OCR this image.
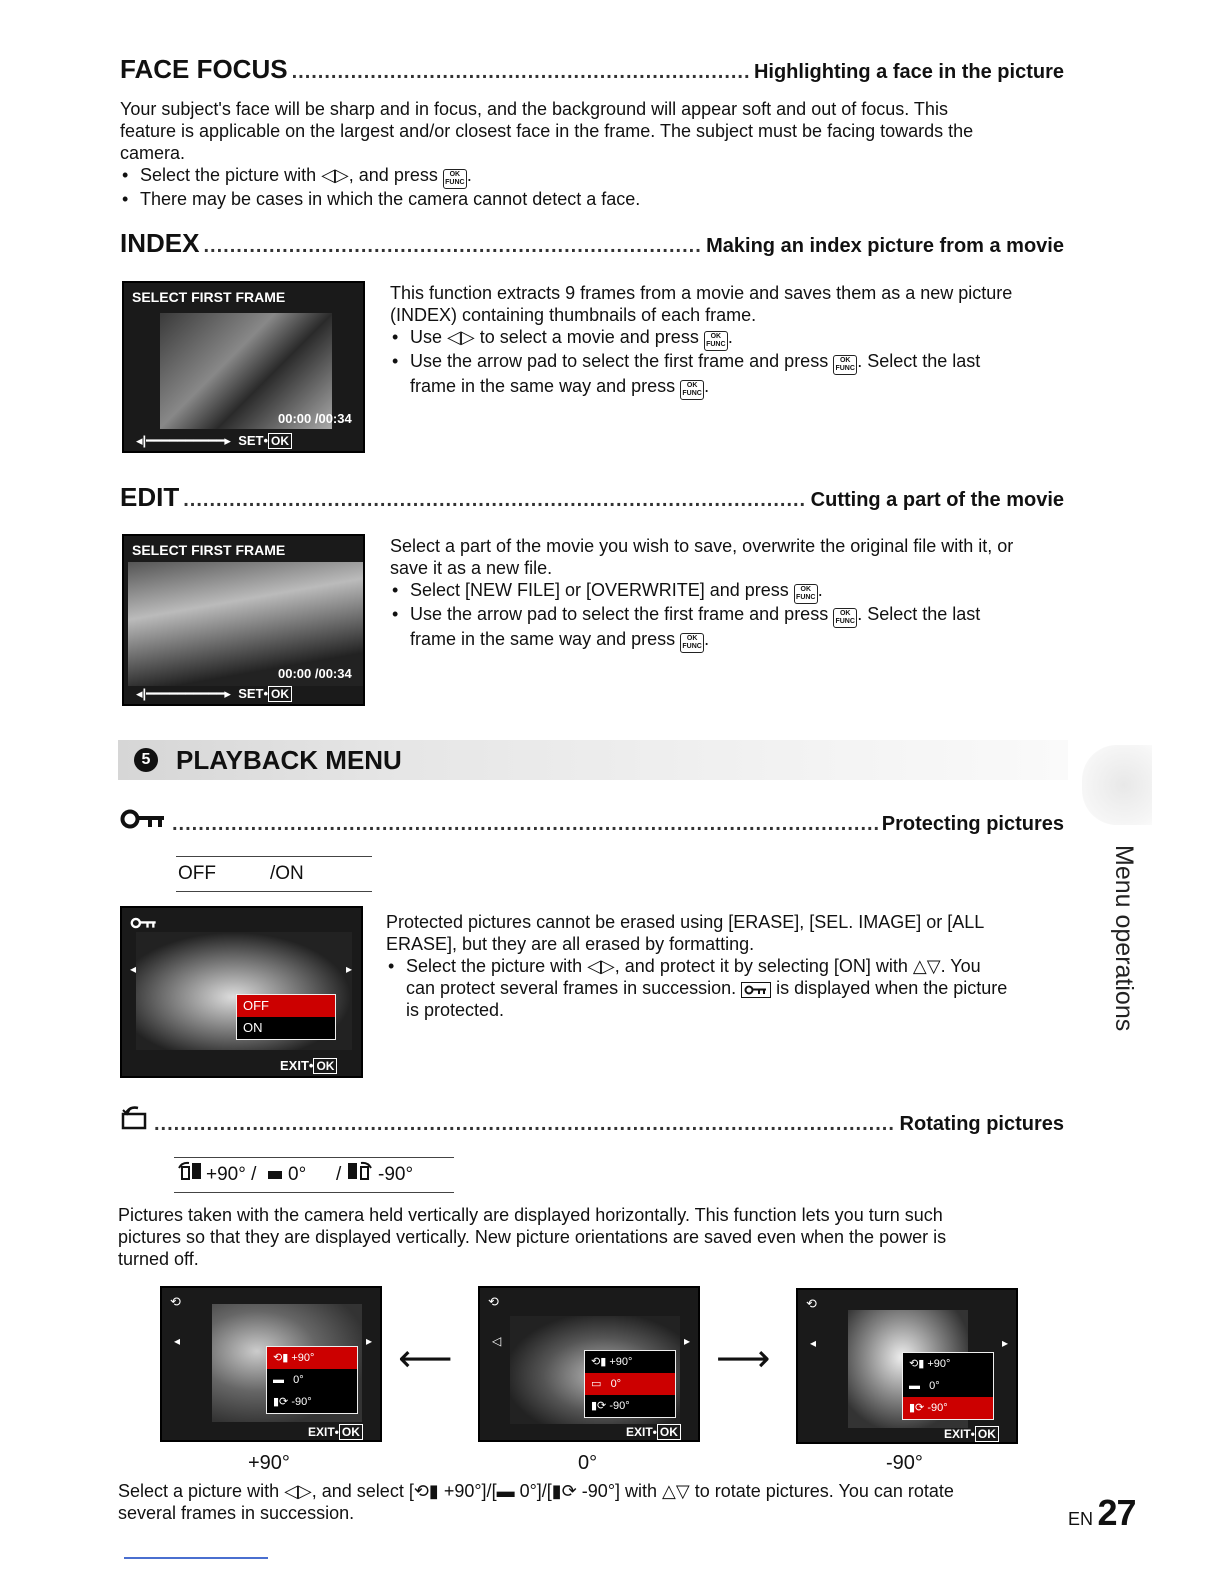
FACE FOCUS .....	Highlighting a face in the picture
Your subject's face will be sharp and in focus, and the background will appear soft and out of focus. This
feature is applicable on the largest and/or closest face in the frame. The subject must be facing towards the
camera.
• Select the picture with ◁▷, and press OK
FUNC .
• There may be cases in which the camera cannot detect a face.
INDEX .....	Making an index picture from a movie
SELECT FIRST FRAME
00:00 /00:34
◂|━━━━━━━━━━▸  SET• OK
This function extracts 9 frames from a movie and saves them as a new picture
(INDEX) containing thumbnails of each frame.
• Use ◁▷ to select a movie and press OK
FUNC .
• Use the arrow pad to select the first frame and press OK
FUNC . Select the last
frame in the same way and press OK
FUNC .
EDIT .....	Cutting a part of the movie
SELECT FIRST FRAME
00:00 /00:34
◂|━━━━━━━━━━▸  SET• OK
Select a part of the movie you wish to save, overwrite the original file with it, or
save it as a new file.
• Select [NEW FILE] or [OVERWRITE] and press OK
FUNC .
• Use the arrow pad to select the first frame and press OK
FUNC . Select the last
frame in the same way and press OK
FUNC .
5 PLAYBACK MENU
Menu operations
.....
Protecting pictures
OFF	/ON
◂	▸
OFF
ON
EXIT• OK
Protected pictures cannot be erased using [ERASE], [SEL. IMAGE] or [ALL
ERASE], but they are all erased by formatting.
• Select the picture with ◁▷, and protect it by selecting [ON] with △▽. You
can protect several frames in succession.  is displayed when the picture
is protected.
.....
Rotating pictures
+90° / 0° / -90°
Pictures taken with the camera held vertically are displayed horizontally. This function lets you turn such
pictures so that they are displayed vertically. New picture orientations are saved even when the power is
turned off.
⟲
◂	▸
⟲▮ +90°
▬   0°
▮⟳ -90°
EXIT• OK
⟵
⟲
◁	▸
⟲▮ +90°
▭   0°
▮⟳ -90°
EXIT• OK
⟶
⟲
◂	▸
⟲▮ +90°
▬   0°
▮⟳ -90°
EXIT• OK
+90°	0°	-90°
Select a picture with ◁▷, and select [⟲▮ +90°]/[▬ 0°]/[▮⟳ -90°] with △▽ to rotate pictures. You can rotate
several frames in succession.	EN 27
